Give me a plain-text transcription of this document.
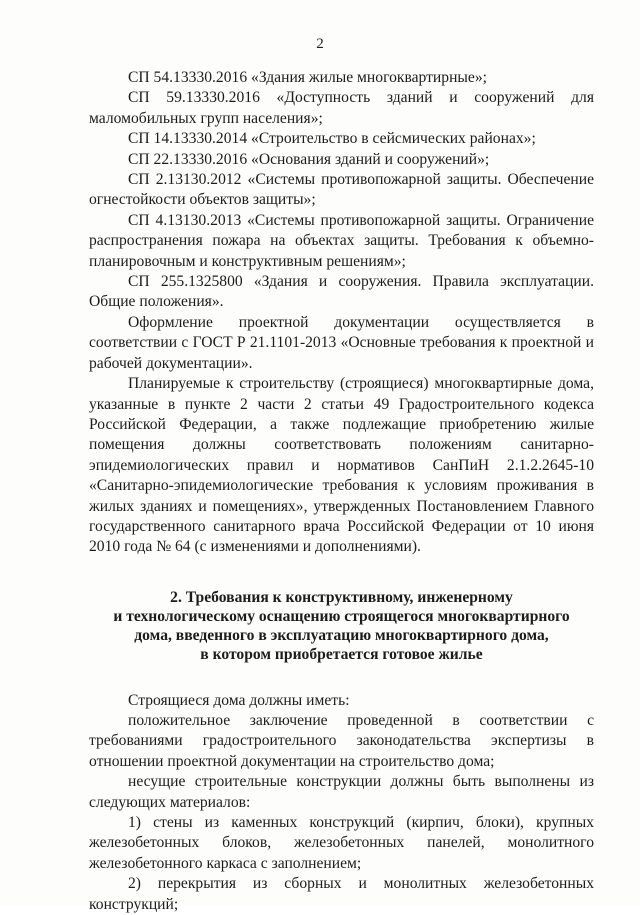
2

СП 54.13330.2016 «Здания жилые многоквартирные»;

СП 59.13330.2016 «Доступность зданий и сооружений для маломобильных групп населения»;

СП 14.13330.2014 «Строительство в сейсмических районах»;

СП 22.13330.2016 «Основания зданий и сооружений»;

СП 2.13130.2012 «Системы противопожарной защиты. Обеспечение огнестойкости объектов защиты»;

СП 4.13130.2013 «Системы противопожарной защиты. Ограничение распространения пожара на объектах защиты. Требования к объемно-планировочным и конструктивным решениям»;

СП 255.1325800 «Здания и сооружения. Правила эксплуатации. Общие положения».

Оформление проектной документации осуществляется в соответствии с ГОСТ Р 21.1101-2013 «Основные требования к проектной и рабочей документации».

Планируемые к строительству (строящиеся) многоквартирные дома, указанные в пункте 2 части 2 статьи 49 Градостроительного кодекса Российской Федерации, а также подлежащие приобретению жилые помещения должны соответствовать положениям санитарно-эпидемиологических правил и нормативов СанПиН 2.1.2.2645-10 «Санитарно-эпидемиологические требования к условиям проживания в жилых зданиях и помещениях», утвержденных Постановлением Главного государственного санитарного врача Российской Федерации от 10 июня 2010 года № 64 (с изменениями и дополнениями).

2. Требования к конструктивному, инженерному
и технологическому оснащению строящегося многоквартирного
дома, введенного в эксплуатацию многоквартирного дома,
в котором приобретается готовое жилье

Строящиеся дома должны иметь:

положительное заключение проведенной в соответствии с требованиями градостроительного законодательства экспертизы в отношении проектной документации на строительство дома;

несущие строительные конструкции должны быть выполнены из следующих материалов:

1) стены из каменных конструкций (кирпич, блоки), крупных железобетонных блоков, железобетонных панелей, монолитного железобетонного каркаса с заполнением;

2) перекрытия из сборных и монолитных железобетонных конструкций;
